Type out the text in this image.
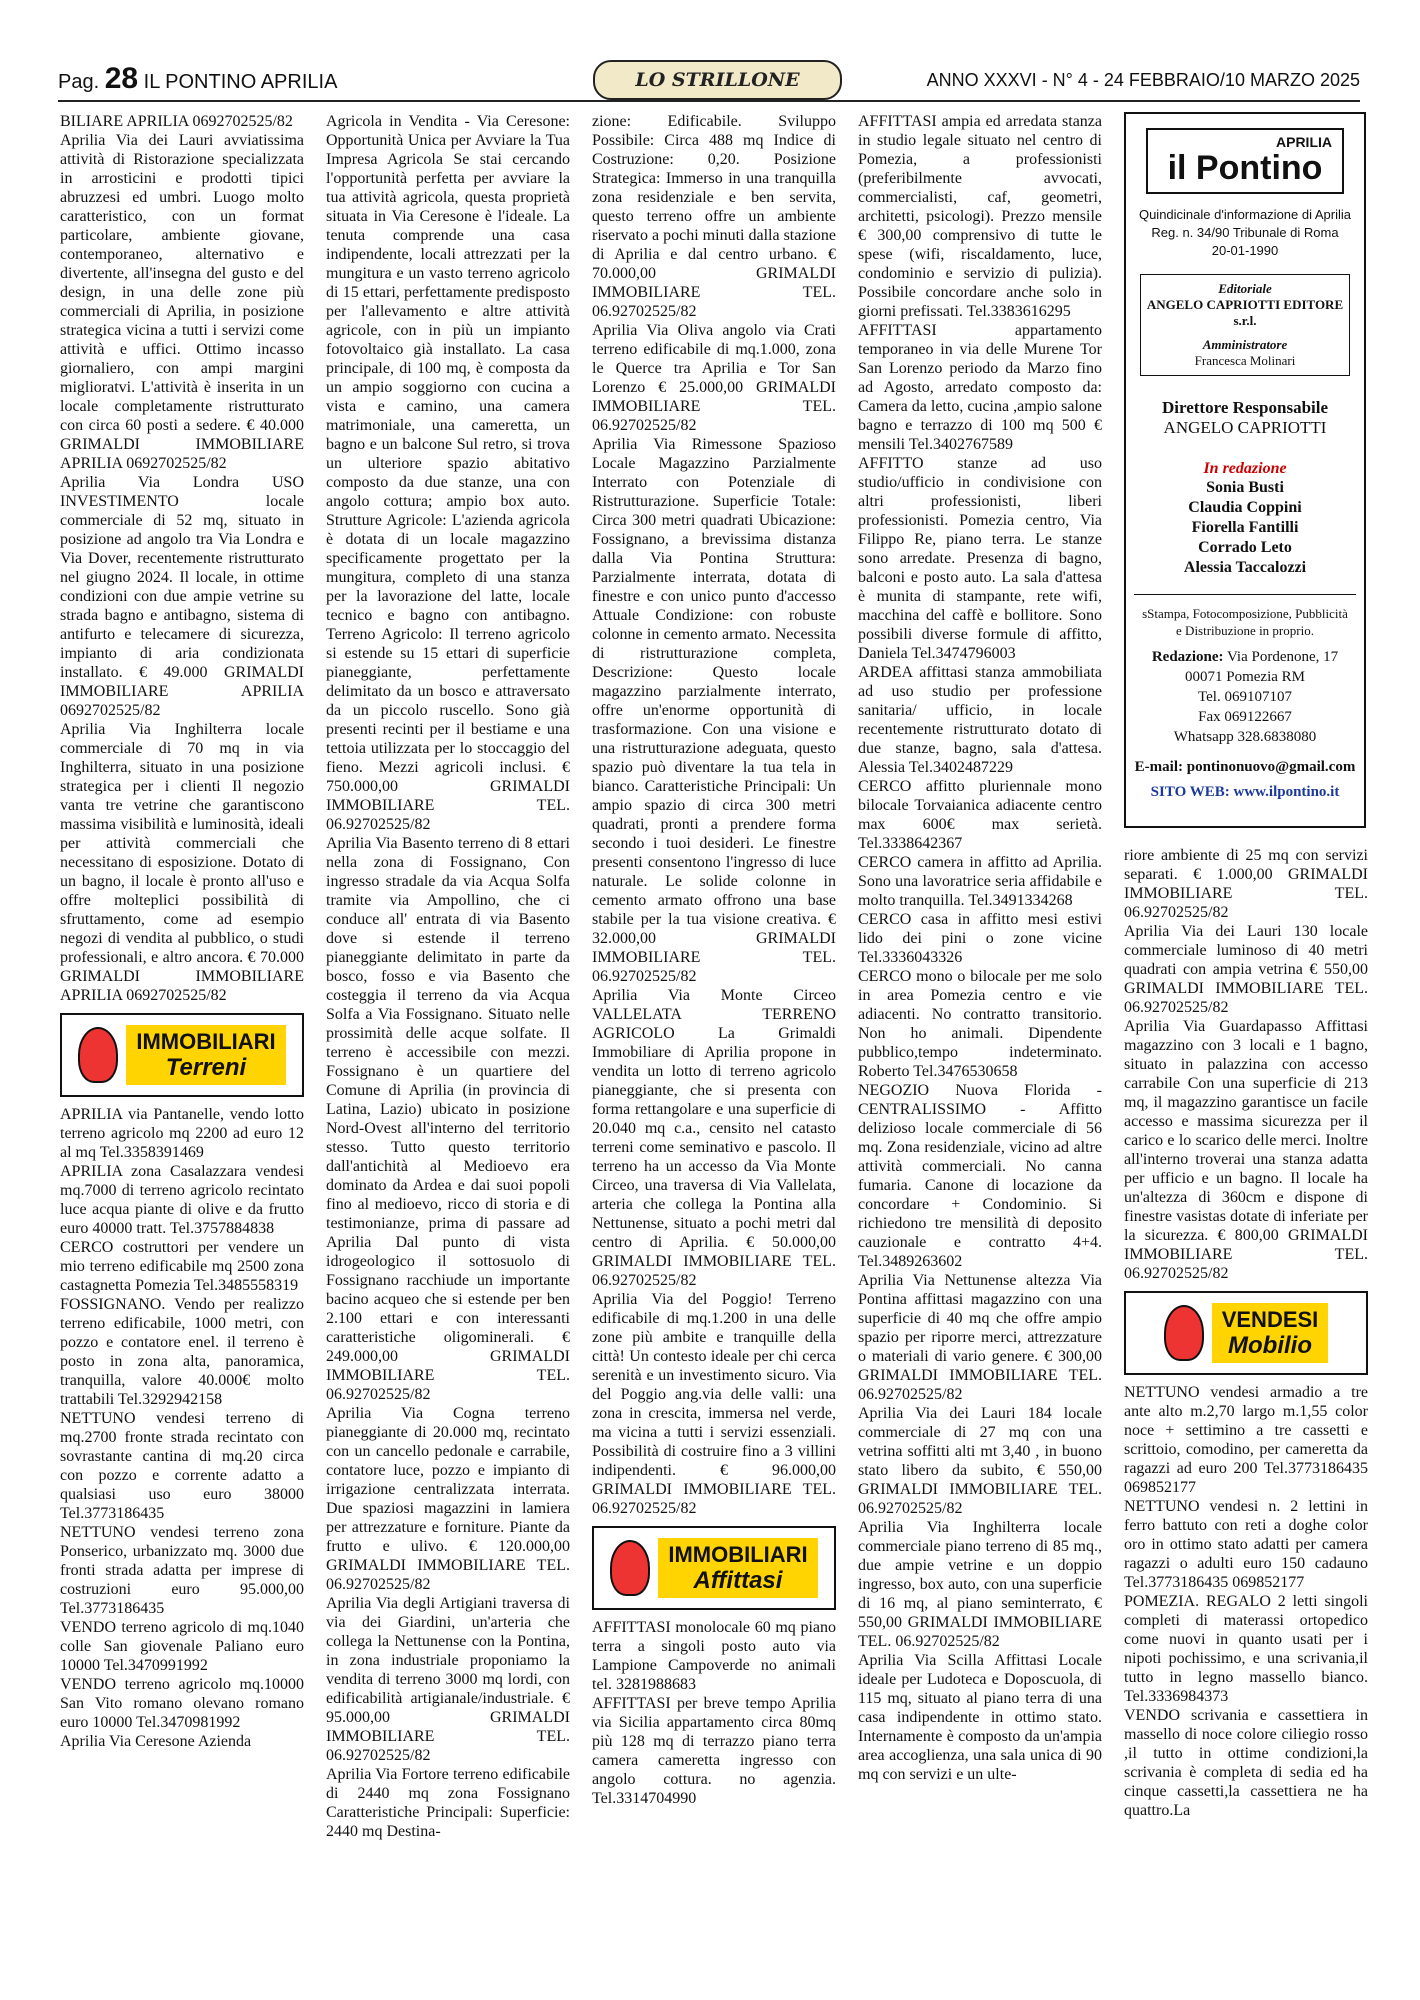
Pag. 28 IL PONTINO APRILIA	LO STRILLONE	ANNO XXXVI - N° 4 - 24 FEBBRAIO/10 MARZO 2025

BILIARE APRILIA 0692702525/82

Aprilia Via dei Lauri avviatissima attività di Ristorazione specializzata in arrosticini e prodotti tipici abruzzesi ed umbri. Luogo molto caratteristico, con un format particolare, ambiente giovane, contemporaneo, alternativo e divertente, all'insegna del gusto e del design, in una delle zone più commerciali di Aprilia, in posizione strategica vicina a tutti i servizi come attività e uffici. Ottimo incasso giornaliero, con ampi margini miglioratvi. L'attività è inserita in un locale completamente ristrutturato con circa 60 posti a sedere. € 40.000 GRIMALDI IMMOBILIARE APRILIA 0692702525/82

Aprilia Via Londra USO INVESTIMENTO locale commerciale di 52 mq, situato in posizione ad angolo tra Via Londra e Via Dover, recentemente ristrutturato nel giugno 2024. Il locale, in ottime condizioni con due ampie vetrine su strada bagno e antibagno, sistema di antifurto e telecamere di sicurezza, impianto di aria condizionata installato. € 49.000 GRIMALDI IMMOBILIARE APRILIA 0692702525/82

Aprilia Via Inghilterra locale commerciale di 70 mq in via Inghilterra, situato in una posizione strategica per i clienti Il negozio vanta tre vetrine che garantiscono massima visibilità e luminosità, ideali per attività commerciali che necessitano di esposizione. Dotato di un bagno, il locale è pronto all'uso e offre molteplici possibilità di sfruttamento, come ad esempio negozi di vendita al pubblico, o studi professionali, e altro ancora. € 70.000 GRIMALDI IMMOBILIARE APRILIA 0692702525/82

IMMOBILIARI
Terreni

APRILIA via Pantanelle, vendo lotto terreno agricolo mq 2200 ad euro 12 al mq Tel.3358391469

APRILIA zona Casalazzara vendesi mq.7000 di terreno agricolo recintato luce acqua piante di olive e da frutto euro 40000 tratt. Tel.3757884838

CERCO costruttori per vendere un mio terreno edificabile mq 2500 zona castagnetta Pomezia Tel.3485558319

FOSSIGNANO. Vendo per realizzo terreno edificabile, 1000 metri, con pozzo e contatore enel. il terreno è posto in zona alta, panoramica, tranquilla, valore 40.000€ molto trattabili Tel.3292942158

NETTUNO vendesi terreno di mq.2700 fronte strada recintato con sovrastante cantina di mq.20 circa con pozzo e corrente adatto a qualsiasi uso euro 38000 Tel.3773186435

NETTUNO vendesi terreno zona Ponserico, urbanizzato mq. 3000 due fronti strada adatta per imprese di costruzioni euro 95.000,00 Tel.3773186435

VENDO terreno agricolo di mq.1040 colle San giovenale Paliano euro 10000 Tel.3470991992

VENDO terreno agricolo mq.10000 San Vito romano olevano romano euro 10000 Tel.3470981992

Aprilia Via Ceresone Azienda

Agricola in Vendita - Via Ceresone: Opportunità Unica per Avviare la Tua Impresa Agricola Se stai cercando l'opportunità perfetta per avviare la tua attività agricola, questa proprietà situata in Via Ceresone è l'ideale. La tenuta comprende una casa indipendente, locali attrezzati per la mungitura e un vasto terreno agricolo di 15 ettari, perfettamente predisposto per l'allevamento e altre attività agricole, con in più un impianto fotovoltaico già installato. La casa principale, di 100 mq, è composta da un ampio soggiorno con cucina a vista e camino, una camera matrimoniale, una cameretta, un bagno e un balcone Sul retro, si trova un ulteriore spazio abitativo composto da due stanze, una con angolo cottura; ampio box auto. Strutture Agricole: L'azienda agricola è dotata di un locale magazzino specificamente progettato per la mungitura, completo di una stanza per la lavorazione del latte, locale tecnico e bagno con antibagno. Terreno Agricolo: Il terreno agricolo si estende su 15 ettari di superficie pianeggiante, perfettamente delimitato da un bosco e attraversato da un piccolo ruscello. Sono già presenti recinti per il bestiame e una tettoia utilizzata per lo stoccaggio del fieno. Mezzi agricoli inclusi. € 750.000,00 GRIMALDI IMMOBILIARE TEL. 06.92702525/82

Aprilia Via Basento terreno di 8 ettari nella zona di Fossignano, Con ingresso stradale da via Acqua Solfa tramite via Ampollino, che ci conduce all' entrata di via Basento dove si estende il terreno pianeggiante delimitato in parte da bosco, fosso e via Basento che costeggia il terreno da via Acqua Solfa a Via Fossignano. Situato nelle prossimità delle acque solfate. Il terreno è accessibile con mezzi. Fossignano è un quartiere del Comune di Aprilia (in provincia di Latina, Lazio) ubicato in posizione Nord-Ovest all'interno del territorio stesso. Tutto questo territorio dall'antichità al Medioevo era dominato da Ardea e dai suoi popoli fino al medioevo, ricco di storia e di testimonianze, prima di passare ad Aprilia Dal punto di vista idrogeologico il sottosuolo di Fossignano racchiude un importante bacino acqueo che si estende per ben 2.100 ettari e con interessanti caratteristiche oligominerali. € 249.000,00 GRIMALDI IMMOBILIARE TEL. 06.92702525/82

Aprilia Via Cogna terreno pianeggiante di 20.000 mq, recintato con un cancello pedonale e carrabile, contatore luce, pozzo e impianto di irrigazione centralizzata interrata. Due spaziosi magazzini in lamiera per attrezzature e forniture. Piante da frutto e ulivo. € 120.000,00 GRIMALDI IMMOBILIARE TEL. 06.92702525/82

Aprilia Via degli Artigiani traversa di via dei Giardini, un'arteria che collega la Nettunense con la Pontina, in zona industriale proponiamo la vendita di terreno 3000 mq lordi, con edificabilità artigianale/industriale. € 95.000,00 GRIMALDI IMMOBILIARE TEL. 06.92702525/82

Aprilia Via Fortore terreno edificabile di 2440 mq zona Fossignano Caratteristiche Principali: Superficie: 2440 mq Destina-

zione: Edificabile. Sviluppo Possibile: Circa 488 mq Indice di Costruzione: 0,20. Posizione Strategica: Immerso in una tranquilla zona residenziale e ben servita, questo terreno offre un ambiente riservato a pochi minuti dalla stazione di Aprilia e dal centro urbano. € 70.000,00 GRIMALDI IMMOBILIARE TEL. 06.92702525/82

Aprilia Via Oliva angolo via Crati terreno edificabile di mq.1.000, zona le Querce tra Aprilia e Tor San Lorenzo € 25.000,00 GRIMALDI IMMOBILIARE TEL. 06.92702525/82

Aprilia Via Rimessone Spazioso Locale Magazzino Parzialmente Interrato con Potenziale di Ristrutturazione. Superficie Totale: Circa 300 metri quadrati Ubicazione: Fossignano, a brevissima distanza dalla Via Pontina Struttura: Parzialmente interrata, dotata di finestre e con unico punto d'accesso Attuale Condizione: con robuste colonne in cemento armato. Necessita di ristrutturazione completa, Descrizione: Questo locale magazzino parzialmente interrato, offre un'enorme opportunità di trasformazione. Con una visione e una ristrutturazione adeguata, questo spazio può diventare la tua tela in bianco. Caratteristiche Principali: Un ampio spazio di circa 300 metri quadrati, pronti a prendere forma secondo i tuoi desideri. Le finestre presenti consentono l'ingresso di luce naturale. Le solide colonne in cemento armato offrono una base stabile per la tua visione creativa. € 32.000,00 GRIMALDI IMMOBILIARE TEL. 06.92702525/82

Aprilia Via Monte Circeo VALLELATA TERRENO AGRICOLO La Grimaldi Immobiliare di Aprilia propone in vendita un lotto di terreno agricolo pianeggiante, che si presenta con forma rettangolare e una superficie di 20.040 mq c.a., censito nel catasto terreni come seminativo e pascolo. Il terreno ha un accesso da Via Monte Circeo, una traversa di Via Vallelata, arteria che collega la Pontina alla Nettunense, situato a pochi metri dal centro di Aprilia. € 50.000,00 GRIMALDI IMMOBILIARE TEL. 06.92702525/82

Aprilia Via del Poggio! Terreno edificabile di mq.1.200 in una delle zone più ambite e tranquille della città! Un contesto ideale per chi cerca serenità e un investimento sicuro. Via del Poggio ang.via delle valli: una zona in crescita, immersa nel verde, ma vicina a tutti i servizi essenziali. Possibilità di costruire fino a 3 villini indipendenti. € 96.000,00 GRIMALDI IMMOBILIARE TEL. 06.92702525/82

IMMOBILIARI
Affittasi

AFFITTASI monolocale 60 mq piano terra a singoli posto auto via Lampione Campoverde no animali tel. 3281988683

AFFITTASI per breve tempo Aprilia via Sicilia appartamento circa 80mq più 128 mq di terrazzo piano terra camera cameretta ingresso con angolo cottura. no agenzia. Tel.3314704990

AFFITTASI ampia ed arredata stanza in studio legale situato nel centro di Pomezia, a professionisti (preferibilmente avvocati, commercialisti, caf, geometri, architetti, psicologi). Prezzo mensile € 300,00 comprensivo di tutte le spese (wifi, riscaldamento, luce, condominio e servizio di pulizia). Possibile concordare anche solo in giorni prefissati. Tel.3383616295

AFFITTASI appartamento temporaneo in via delle Murene Tor San Lorenzo periodo da Marzo fino ad Agosto, arredato composto da: Camera da letto, cucina ,ampio salone bagno e terrazzo di 100 mq 500 € mensili Tel.3402767589

AFFITTO stanze ad uso studio/ufficio in condivisione con altri professionisti, liberi professionisti. Pomezia centro, Via Filippo Re, piano terra. Le stanze sono arredate. Presenza di bagno, balconi e posto auto. La sala d'attesa è munita di stampante, rete wifi, macchina del caffè e bollitore. Sono possibili diverse formule di affitto, Daniela Tel.3474796003

ARDEA affittasi stanza ammobiliata ad uso studio per professione sanitaria/ ufficio, in locale recentemente ristrutturato dotato di due stanze, bagno, sala d'attesa. Alessia Tel.3402487229

CERCO affitto pluriennale mono bilocale Torvaianica adiacente centro max 600€ max serietà. Tel.3338642367

CERCO camera in affitto ad Aprilia. Sono una lavoratrice seria affidabile e molto tranquilla. Tel.3491334268

CERCO casa in affitto mesi estivi lido dei pini o zone vicine Tel.3336043326

CERCO mono o bilocale per me solo in area Pomezia centro e vie adiacenti. No contratto transitorio. Non ho animali. Dipendente pubblico,tempo indeterminato. Roberto Tel.3476530658

NEGOZIO Nuova Florida - CENTRALISSIMO - Affitto delizioso locale commerciale di 56 mq. Zona residenziale, vicino ad altre attività commerciali. No canna fumaria. Canone di locazione da concordare + Condominio. Si richiedono tre mensilità di deposito cauzionale e contratto 4+4. Tel.3489263602

Aprilia Via Nettunense altezza Via Pontina affittasi magazzino con una superficie di 40 mq che offre ampio spazio per riporre merci, attrezzature o materiali di vario genere. € 300,00 GRIMALDI IMMOBILIARE TEL. 06.92702525/82

Aprilia Via dei Lauri 184 locale commerciale di 27 mq con una vetrina soffitti alti mt 3,40 , in buono stato libero da subito, € 550,00 GRIMALDI IMMOBILIARE TEL. 06.92702525/82

Aprilia Via Inghilterra locale commerciale piano terreno di 85 mq., due ampie vetrine e un doppio ingresso, box auto, con una superficie di 16 mq, al piano seminterrato, € 550,00 GRIMALDI IMMOBILIARE TEL. 06.92702525/82

Aprilia Via Scilla Affittasi Locale ideale per Ludoteca e Doposcuola, di 115 mq, situato al piano terra di una casa indipendente in ottimo stato. Internamente è composto da un'ampia area accoglienza, una sala unica di 90 mq con servizi e un ulte-

APRILIA
il Pontino
Quindicinale d'informazione di Aprilia
Reg. n. 34/90 Tribunale di Roma
20-01-1990
Editoriale
ANGELO CAPRIOTTI EDITORE s.r.l.
Amministratore
Francesca Molinari
Direttore Responsabile
ANGELO CAPRIOTTI
In redazione
Sonia Busti
Claudia Coppini
Fiorella Fantilli
Corrado Leto
Alessia Taccalozzi
sStampa, Fotocomposizione, Pubblicità
e Distribuzione in proprio.
Redazione: Via Pordenone, 17
00071 Pomezia RM
Tel. 069107107
Fax 069122667
Whatsapp 328.6838080
E-mail: pontinonuovo@gmail.com
SITO WEB: www.ilpontino.it

riore ambiente di 25 mq con servizi separati. € 1.000,00 GRIMALDI IMMOBILIARE TEL. 06.92702525/82

Aprilia Via dei Lauri 130 locale commerciale luminoso di 40 metri quadrati con ampia vetrina € 550,00 GRIMALDI IMMOBILIARE TEL. 06.92702525/82

Aprilia Via Guardapasso Affittasi magazzino con 3 locali e 1 bagno, situato in palazzina con accesso carrabile Con una superficie di 213 mq, il magazzino garantisce un facile accesso e massima sicurezza per il carico e lo scarico delle merci. Inoltre all'interno troverai una stanza adatta per ufficio e un bagno. Il locale ha un'altezza di 360cm e dispone di finestre vasistas dotate di inferiate per la sicurezza. € 800,00 GRIMALDI IMMOBILIARE TEL. 06.92702525/82

VENDESI
Mobilio

NETTUNO vendesi armadio a tre ante alto m.2,70 largo m.1,55 color noce + settimino a tre cassetti e scrittoio, comodino, per cameretta da ragazzi ad euro 200 Tel.3773186435 069852177

NETTUNO vendesi n. 2 lettini in ferro battuto con reti a doghe color oro in ottimo stato adatti per camera ragazzi o adulti euro 150 cadauno Tel.3773186435 069852177

POMEZIA. REGALO 2 letti singoli completi di materassi ortopedico come nuovi in quanto usati per i nipoti pochissimo, e una scrivania,il tutto in legno massello bianco. Tel.3336984373

VENDO scrivania e cassettiera in massello di noce colore ciliegio rosso ,il tutto in ottime condizioni,la scrivania è completa di sedia ed ha cinque cassetti,la cassettiera ne ha quattro.La
